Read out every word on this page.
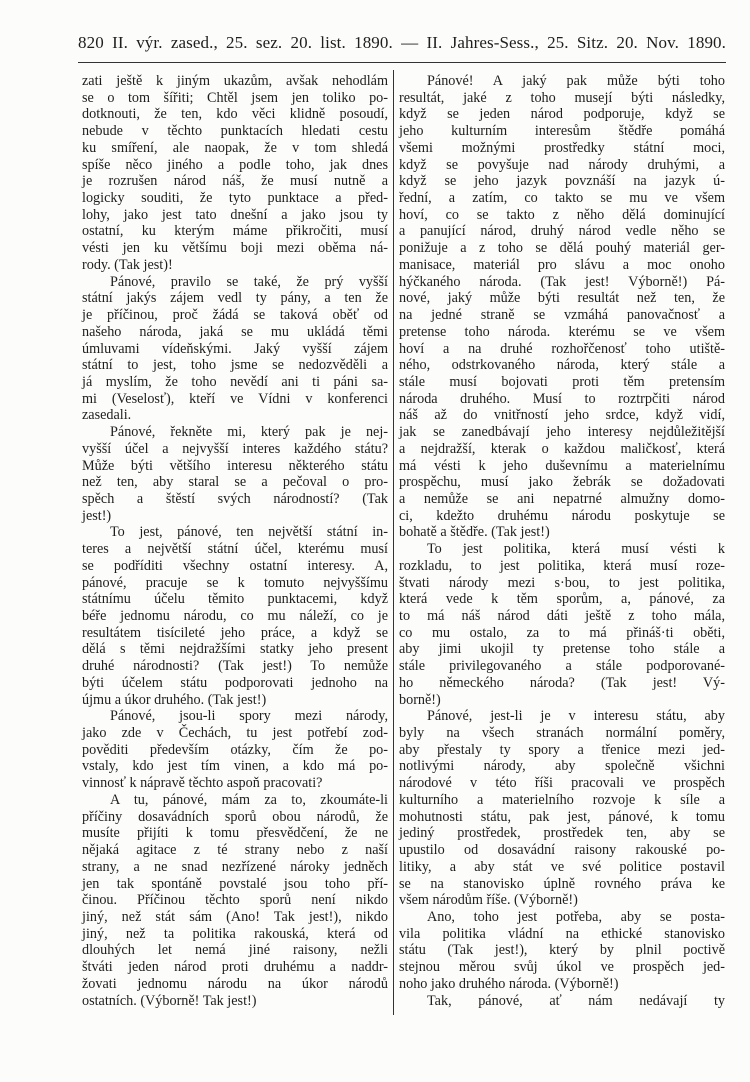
820 II. výr. zased., 25. sez. 20. list. 1890. — II. Jahres-Sess., 25. Sitz. 20. Nov. 1890.
zati ještě k jiným ukazům, avšak nehodlám
se o tom šířiti; Chtěl jsem jen toliko po-
dotknouti, že ten, kdo věci klidně posoudí,
nebude v těchto punktacích hledati cestu
ku smíření, ale naopak, že v tom shledá
spíše něco jiného a podle toho, jak dnes
je rozrušen národ náš, že musí nutně a
logicky souditi, že tyto punktace a před-
lohy, jako jest tato dnešní a jako jsou ty
ostatní, ku kterým máme přikročiti, musí
vésti jen ku většímu boji mezi oběma ná-
rody. (Tak jest)!
Pánové, pravilo se také, že prý vyšší
státní jakýs zájem vedl ty pány, a ten že
je příčinou, proč žádá se taková oběť od
našeho národa, jaká se mu ukládá těmi
úmluvami vídeňskými. Jaký vyšší zájem
státní to jest, toho jsme se nedozvěděli a
já myslím, že toho nevědí ani ti páni sa-
mi (Veselosť), kteří ve Vídni v konferenci
zasedali.
Pánové, řekněte mi, který pak je nej-
vyšší účel a nejvyšší interes každého státu?
Může býti většího interesu některého státu
než ten, aby staral se a pečoval o pro-
spěch a štěstí svých národností? (Tak
jest!)
To jest, pánové, ten největší státní in-
teres a největší státní účel, kterému musí
se podříditi všechny ostatní interesy. A,
pánové, pracuje se k tomuto nejvyššímu
státnímu účelu těmito punktacemi, když
béře jednomu národu, co mu náleží, co je
resultátem tisícileté jeho práce, a když se
dělá s těmi nejdražšími statky jeho present
druhé národnosti? (Tak jest!) To nemůže
býti účelem státu podporovati jednoho na
újmu a úkor druhého. (Tak jest!)
Pánové, jsou-li spory mezi národy,
jako zde v Čechách, tu jest potřebí zod-
pověditi především otázky, čím že po-
vstaly, kdo jest tím vinen, a kdo má po-
vinnosť k nápravě těchto aspoň pracovati?
A tu, pánové, mám za to, zkoumáte-li
příčiny dosavádních sporů obou národů, že
musíte přijíti k tomu přesvědčení, že ne
nějaká agitace z té strany nebo z naší
strany, a ne snad nezřízené nároky jedněch
jen tak spontáně povstalé jsou toho pří-
činou. Příčinou těchto sporů není nikdo
jiný, než stát sám (Ano! Tak jest!), nikdo
jiný, než ta politika rakouská, která od
dlouhých let nemá jiné raisony, nežli
štváti jeden národ proti druhému a naddr-
žovati jednomu národu na úkor národů
ostatních. (Výborně! Tak jest!)
Pánové! A jaký pak může býti toho
resultát, jaké z toho musejí býti následky,
když se jeden národ podporuje, když se
jeho kulturním interesům štědře pomáhá
všemi možnými prostředky státní moci,
když se povyšuje nad národy druhými, a
když se jeho jazyk povznáší na jazyk ú-
řední, a zatím, co takto se mu ve všem
hoví, co se takto z něho dělá dominující
a panující národ, druhý národ vedle něho se
ponižuje a z toho se dělá pouhý materiál ger-
manisace, materiál pro slávu a moc onoho
hýčkaného národa. (Tak jest! Výborně!) Pá-
nové, jaký může býti resultát než ten, že
na jedné straně se vzmáhá panovačnosť a
pretense toho národa. kterému se ve všem
hoví a na druhé rozhořčenosť toho utiště-
ného, odstrkovaného národa, který stále a
stále musí bojovati proti těm pretensím
národa druhého. Musí to roztrpčiti národ
náš až do vnitřností jeho srdce, když vidí,
jak se zanedbávají jeho interesy nejdůležitější
a nejdražší, kterak o každou maličkosť, která
má vésti k jeho duševnímu a materielnímu
prospěchu, musí jako žebrák se dožadovati
a nemůže se ani nepatrné almužny domo-
ci, kdežto druhému národu poskytuje se
bohatě a štědře. (Tak jest!)
To jest politika, která musí vésti k
rozkladu, to jest politika, která musí roze-
štvati národy mezi s·bou, to jest politika,
která vede k těm sporům, a, pánové, za
to má náš národ dáti ještě z toho mála,
co mu ostalo, za to má přináš·ti oběti,
aby jimi ukojil ty pretense toho stále a
stále privilegovaného a stále podporované-
ho německého národa? (Tak jest! Vý-
borně!)
Pánové, jest-li je v interesu státu, aby
byly na všech stranách normální poměry,
aby přestaly ty spory a třenice mezi jed-
notlivými národy, aby společně všichni
národové v této říši pracovali ve prospěch
kulturního a materielního rozvoje k síle a
mohutnosti státu, pak jest, pánové, k tomu
jediný prostředek, prostředek ten, aby se
upustilo od dosavádní raisony rakouské po-
litiky, a aby stát ve své politice postavil
se na stanovisko úplně rovného práva ke
všem národům říše. (Výborně!)
Ano, toho jest potřeba, aby se posta-
vila politika vládní na ethické stanovisko
státu (Tak jest!), který by plnil poctivě
stejnou měrou svůj úkol ve prospěch jed-
noho jako druhého národa. (Výborně!)
Tak, pánové, ať nám nedávají ty
